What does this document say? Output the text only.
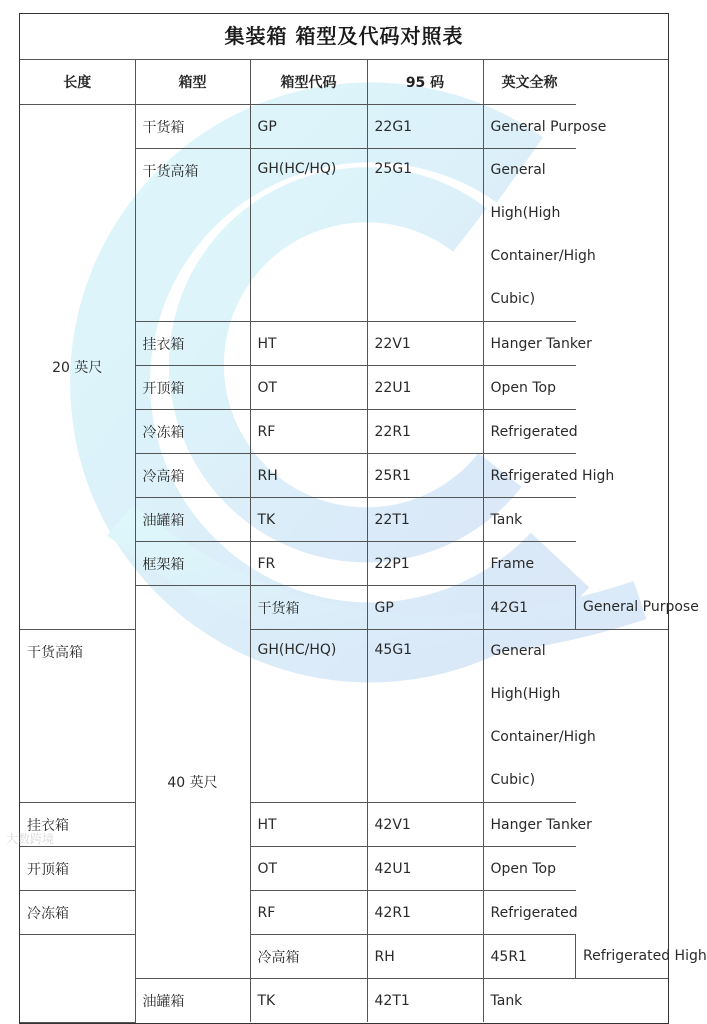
集装箱 箱型及代码对照表
长度	箱型	箱型代码	95 码	英文全称	
20 英尺	干货箱	GP	22G1	General Purpose	
	干货高箱	GH(HC/HQ)	25G1	General High(High Container/High Cubic)	
	挂衣箱	HT	22V1	Hanger Tanker	
	开顶箱	OT	22U1	Open Top	
	冷冻箱	RF	22R1	Refrigerated	
	冷高箱	RH	25R1	Refrigerated High	
	油罐箱	TK	22T1	Tank	
	框架箱	FR	22P1	Frame	
	40 英尺	干货箱	GP	42G1	General Purpose
干货高箱		GH(HC/HQ)	45G1	General High(High Container/High Cubic)	
挂衣箱		HT	42V1	Hanger Tanker	
开顶箱		OT	42U1	Open Top	
冷冻箱		RF	42R1	Refrigerated	
		冷高箱	RH	45R1	Refrigerated High
	油罐箱	TK	42T1	Tank	
大数跨境
